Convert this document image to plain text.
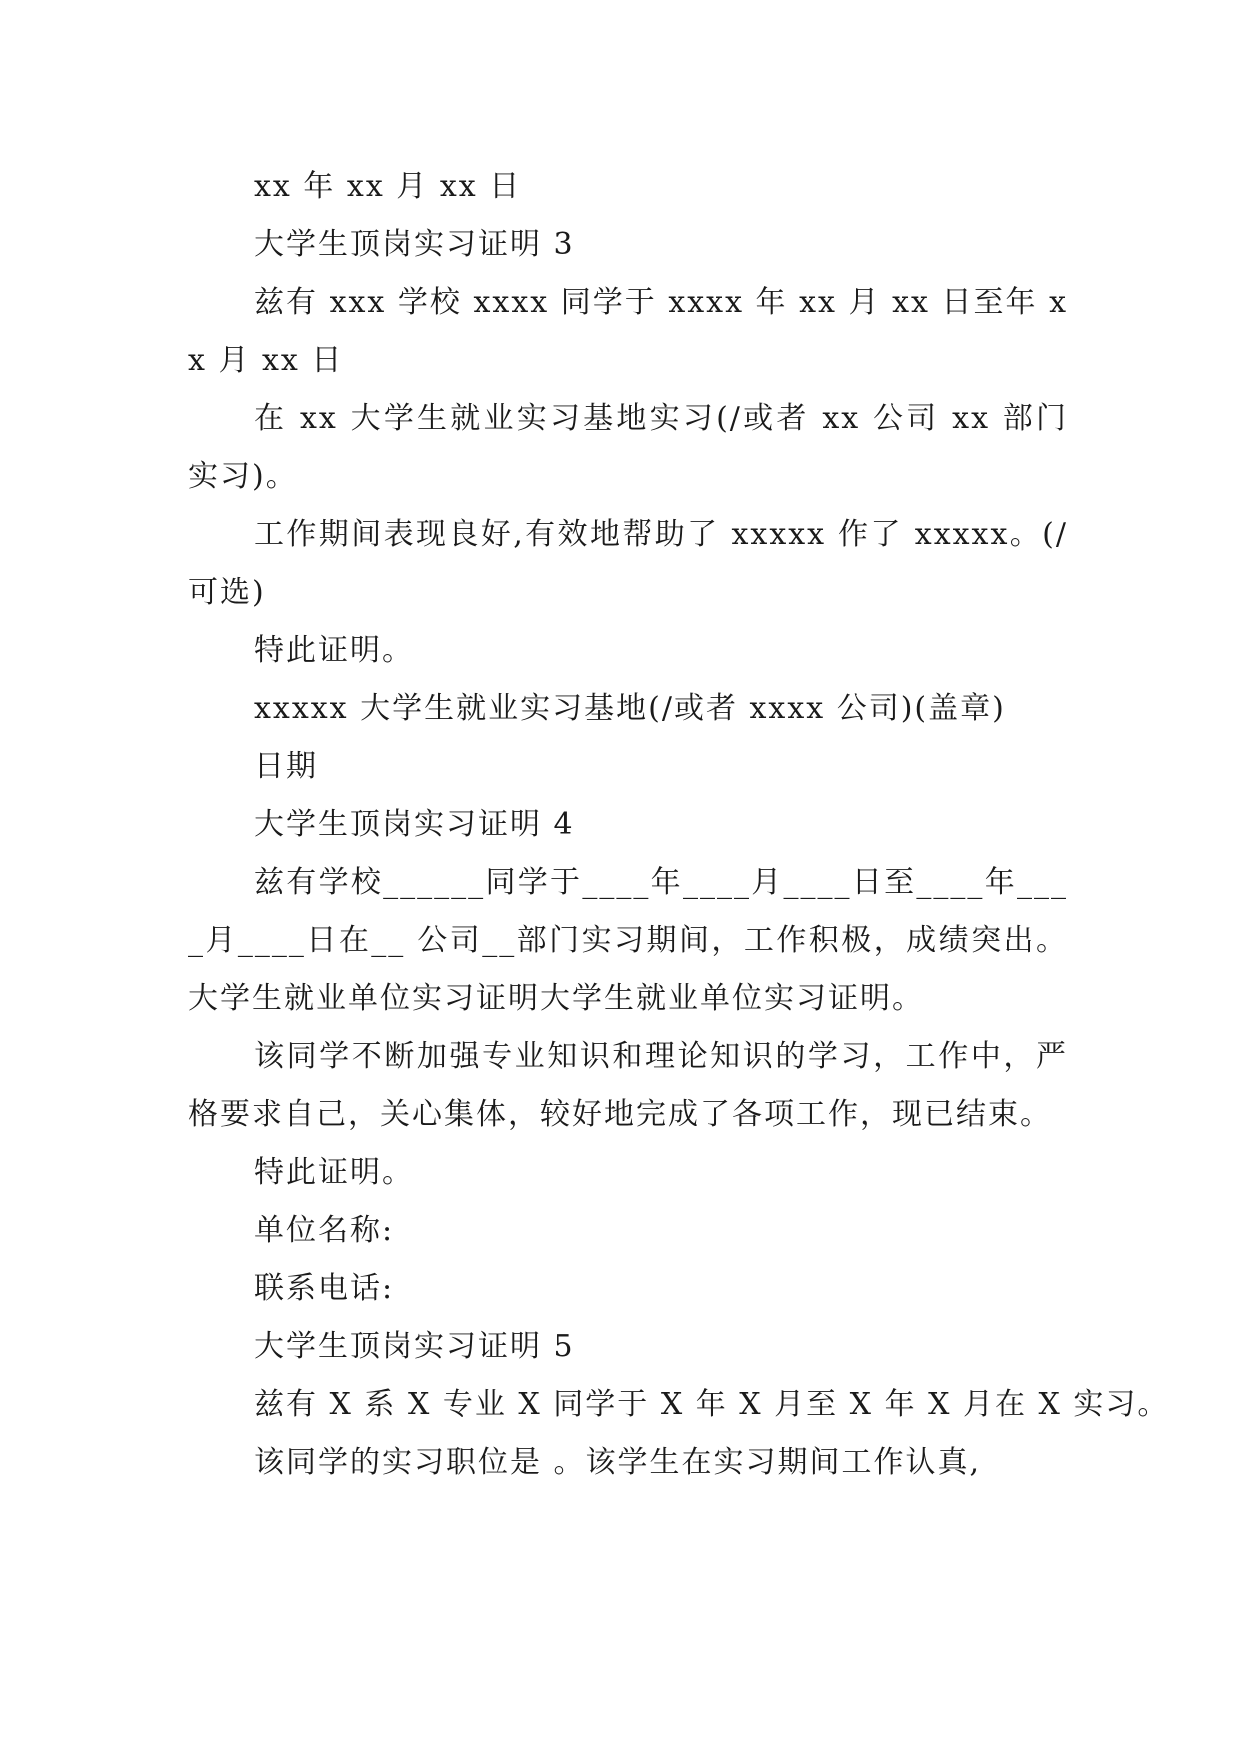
xx 年 xx 月 xx 日

大学生顶岗实习证明 3

兹有 xxx 学校 xxxx 同学于 xxxx 年 xx 月 xx 日至年 xx 月 xx 日

在 xx 大学生就业实习基地实习(/或者 xx 公司 xx 部门实习)。

工作期间表现良好,有效地帮助了 xxxxx 作了 xxxxx。(/可选)

特此证明。

xxxxx 大学生就业实习基地(/或者 xxxx 公司)(盖章)

日期

大学生顶岗实习证明 4

兹有学校______同学于____年____月____日至____年____月____日在__ 公司__部门实习期间，工作积极，成绩突出。大学生就业单位实习证明大学生就业单位实习证明。

该同学不断加强专业知识和理论知识的学习，工作中，严格要求自己，关心集体，较好地完成了各项工作，现已结束。

特此证明。

单位名称:

联系电话:

大学生顶岗实习证明 5

兹有 X 系 X 专业 X 同学于 X 年 X 月至 X 年 X 月在 X 实习。

该同学的实习职位是 。该学生在实习期间工作认真,
